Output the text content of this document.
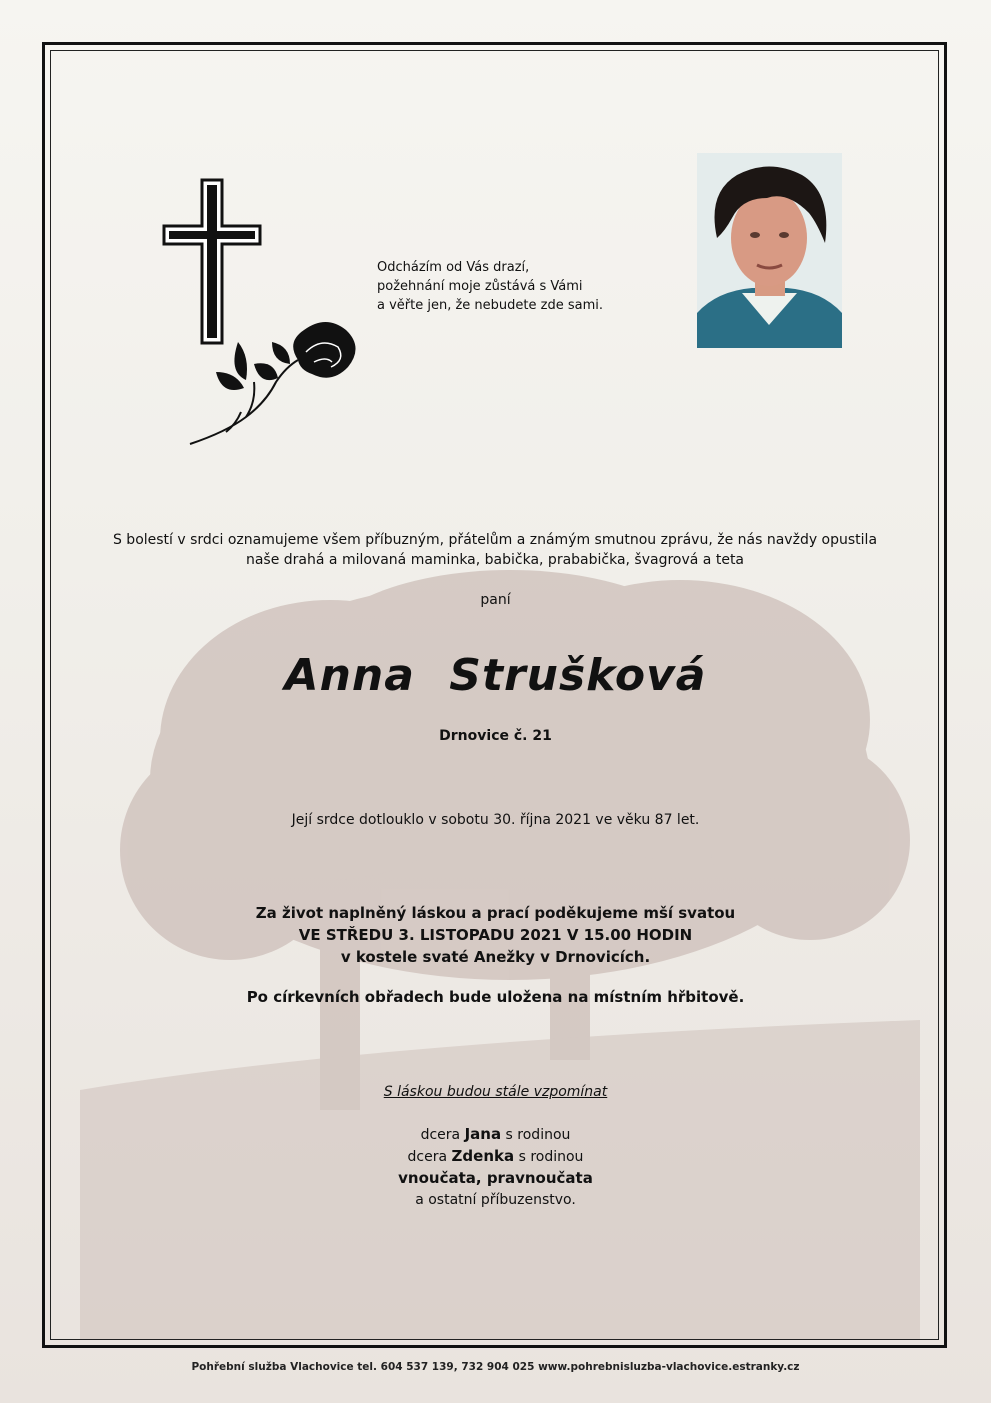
Odcházím od Vás drazí,
požehnání moje zůstává s Vámi
a věřte jen, že nebudete zde sami.
S bolestí v srdci oznamujeme všem příbuzným, přátelům a známým smutnou zprávu, že nás navždy opustila
naše drahá a milovaná maminka, babička, prababička, švagrová a teta
paní
Anna Strušková
Drnovice č. 21
Její srdce dotlouklo v sobotu 30. října 2021 ve věku 87 let.
Za život naplněný láskou a prací poděkujeme mší svatou
VE STŘEDU 3. LISTOPADU 2021 V 15.00 HODIN
v kostele svaté Anežky v Drnovicích.
Po církevních obřadech bude uložena na místním hřbitově.
S láskou budou stále vzpomínat
dcera Jana s rodinou
dcera Zdenka s rodinou
vnoučata, pravnoučata
a ostatní příbuzenstvo.
Pohřební služba Vlachovice tel. 604 537 139, 732 904 025 www.pohrebnisluzba-vlachovice.estranky.cz
